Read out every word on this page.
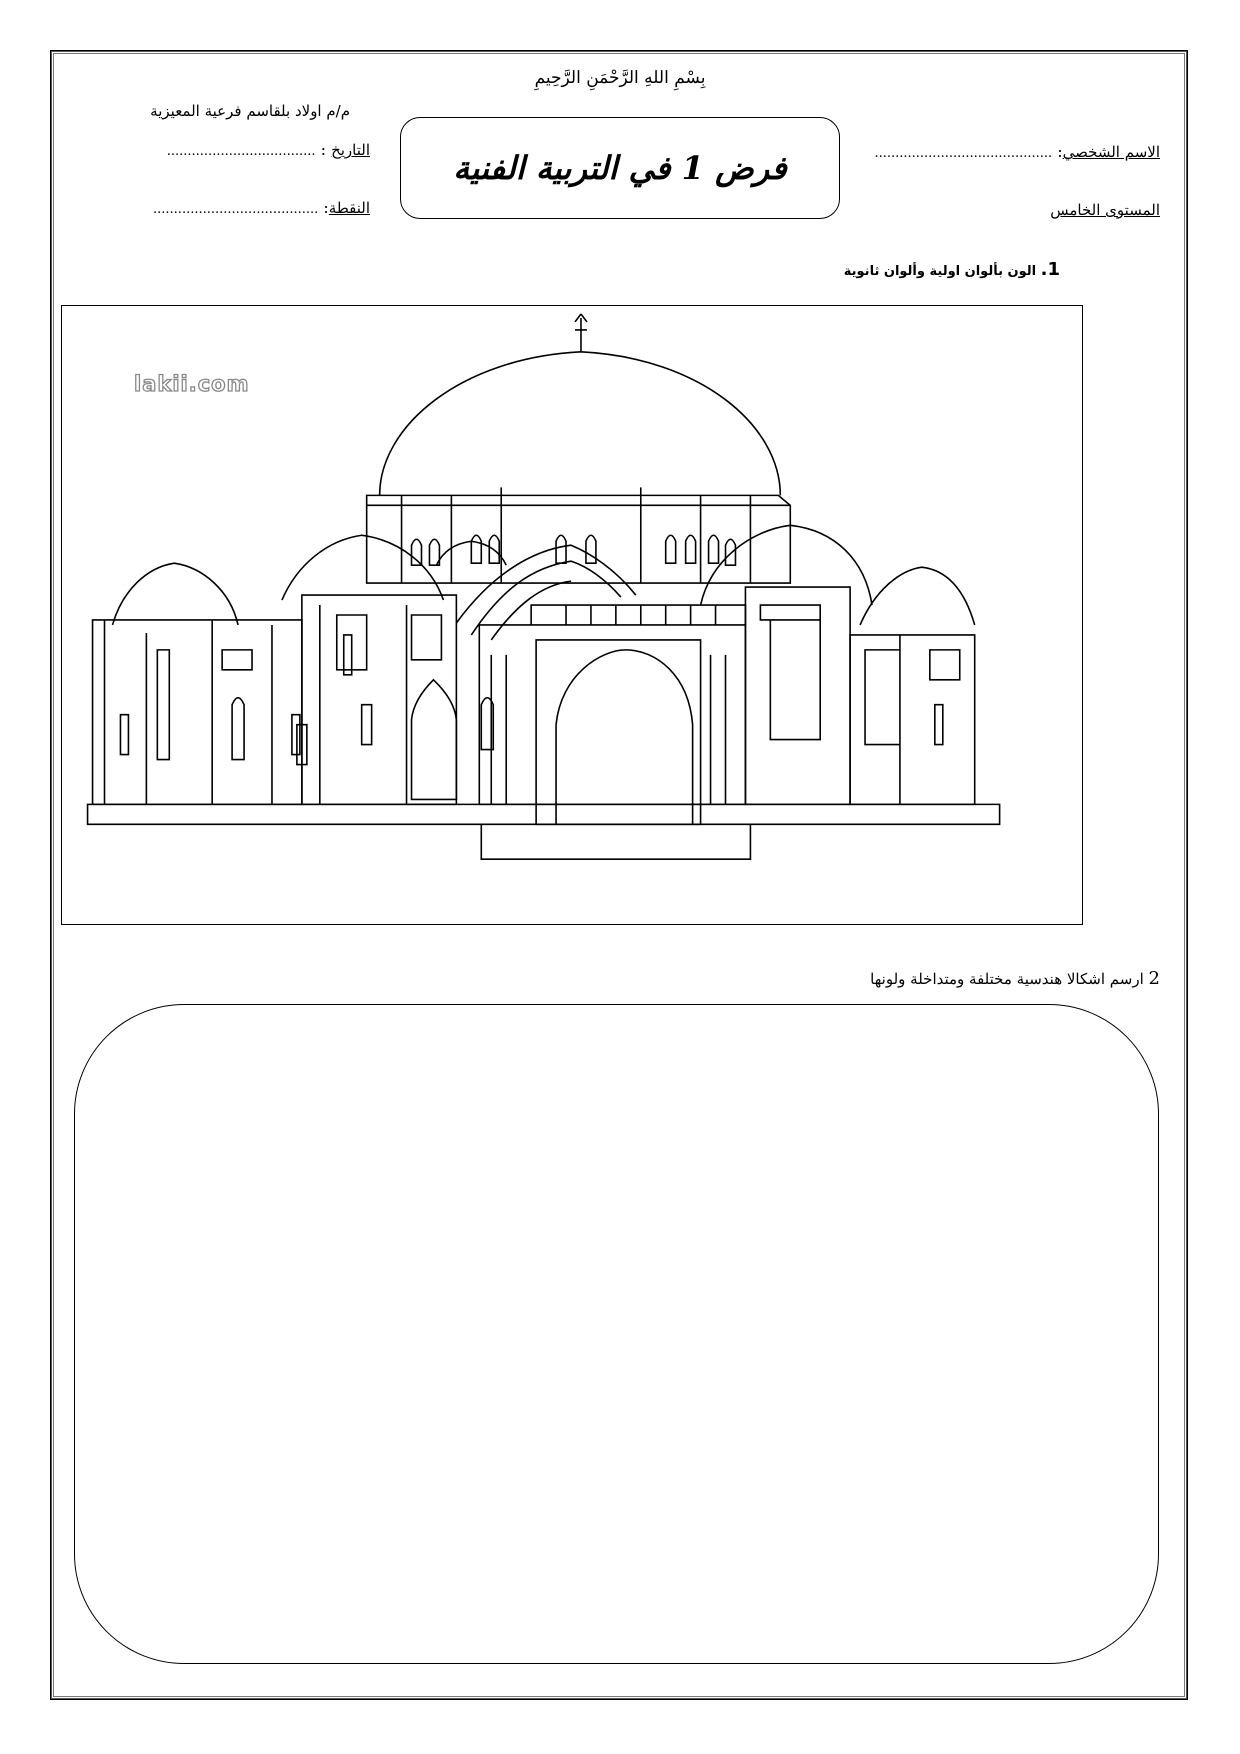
بِسْمِ اللهِ الرَّحْمَنِ الرَّحِيمِ
م/م اولاد بلقاسم فرعية المعيزية
التاريخ : ....................................
النقطة: ........................................
فرض 1 في التربية الفنية	الاسم الشخصي: ...........................................
المستوى الخامس
1. الون بألوان اولية وألوان ثانوية
lakii.com
2 ارسم اشكالا هندسية مختلفة ومتداخلة ولونها
